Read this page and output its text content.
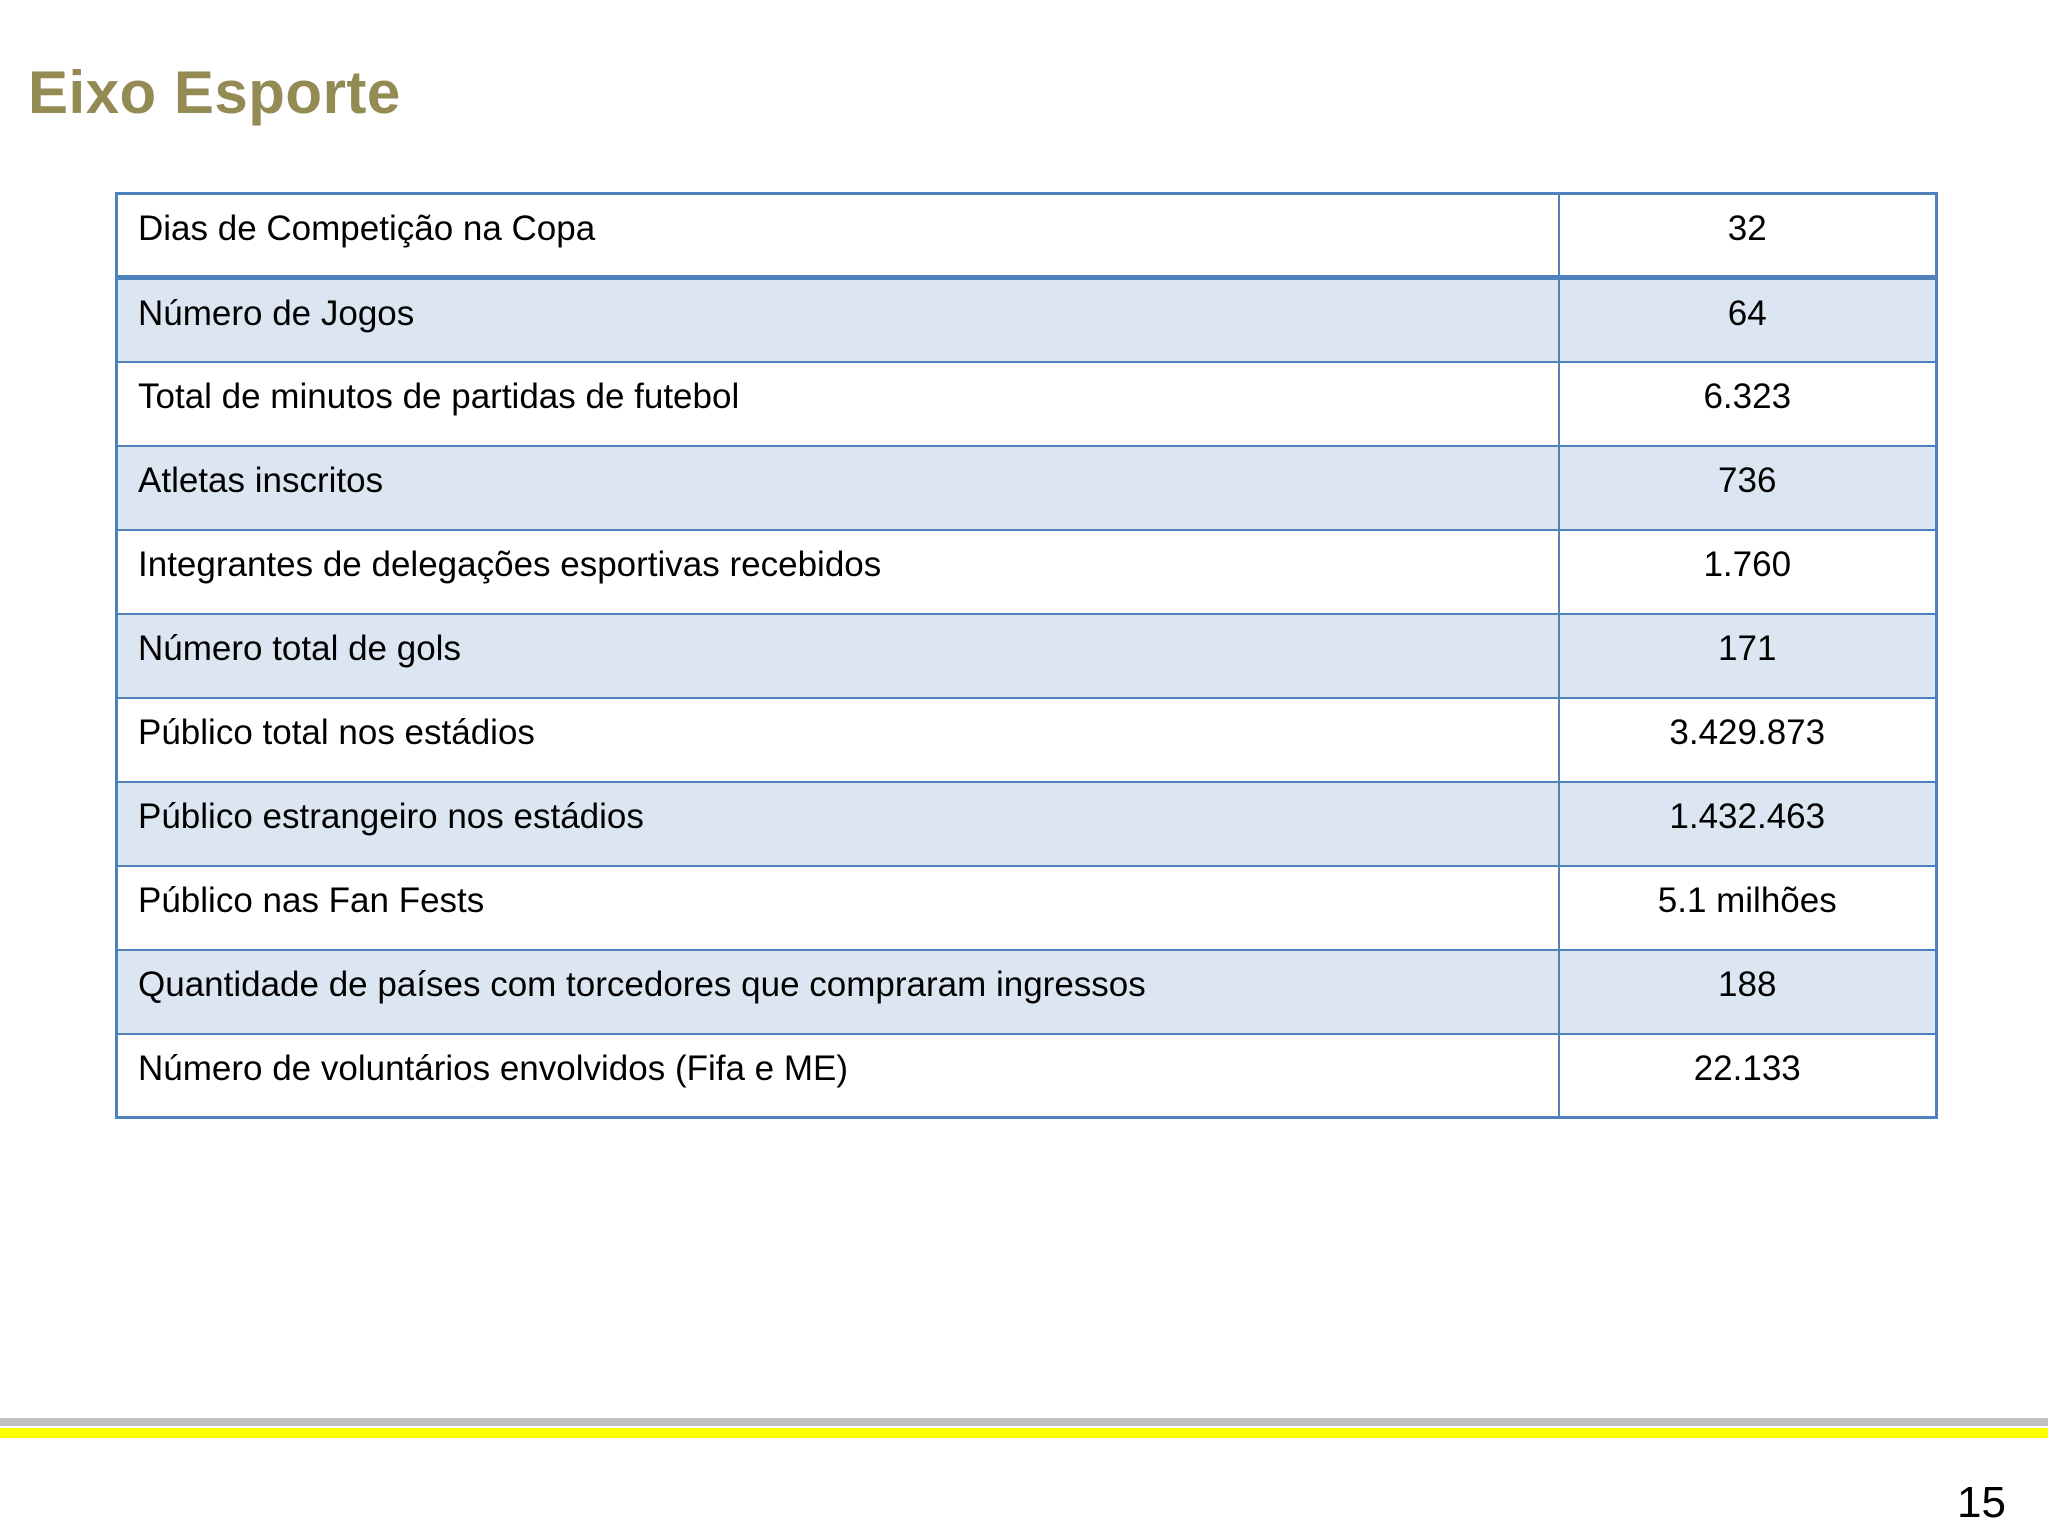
Eixo Esporte
Dias de Competição na Copa	32
Número de Jogos	64
Total de minutos de partidas de futebol	6.323
Atletas inscritos	736
Integrantes de delegações esportivas recebidos	1.760
Número total de gols	171
Público total nos estádios	3.429.873
Público estrangeiro nos estádios	1.432.463
Público nas Fan Fests	5.1 milhões
Quantidade de países com torcedores que compraram ingressos	188
Número de voluntários envolvidos (Fifa e ME)	22.133
15
